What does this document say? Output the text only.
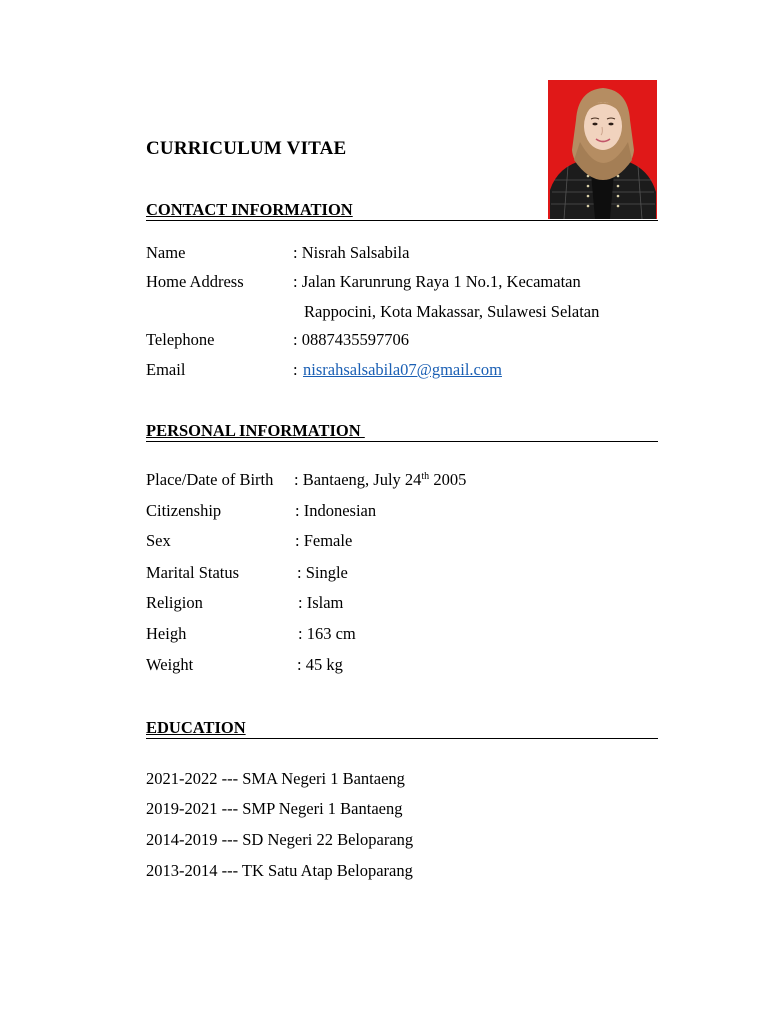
CURRICULUM VITAE
CONTACT INFORMATION
Name	: Nisrah Salsabila
Home Address	: Jalan Karunrung Raya 1 No.1, Kecamatan
Rappocini, Kota Makassar, Sulawesi Selatan
Telephone	: 0887435597706
Email	: nisrahsalsabila07@gmail.com
PERSONAL INFORMATION
Place/Date of Birth : Bantaeng, July 24th 2005
Citizenship	: Indonesian
Sex	: Female
Marital Status	: Single
Religion	: Islam
Heigh	: 163 cm
Weight	: 45 kg
EDUCATION
2021-2022 --- SMA Negeri 1 Bantaeng
2019-2021 --- SMP Negeri 1 Bantaeng
2014-2019 --- SD Negeri 22 Beloparang
2013-2014 --- TK Satu Atap Beloparang
